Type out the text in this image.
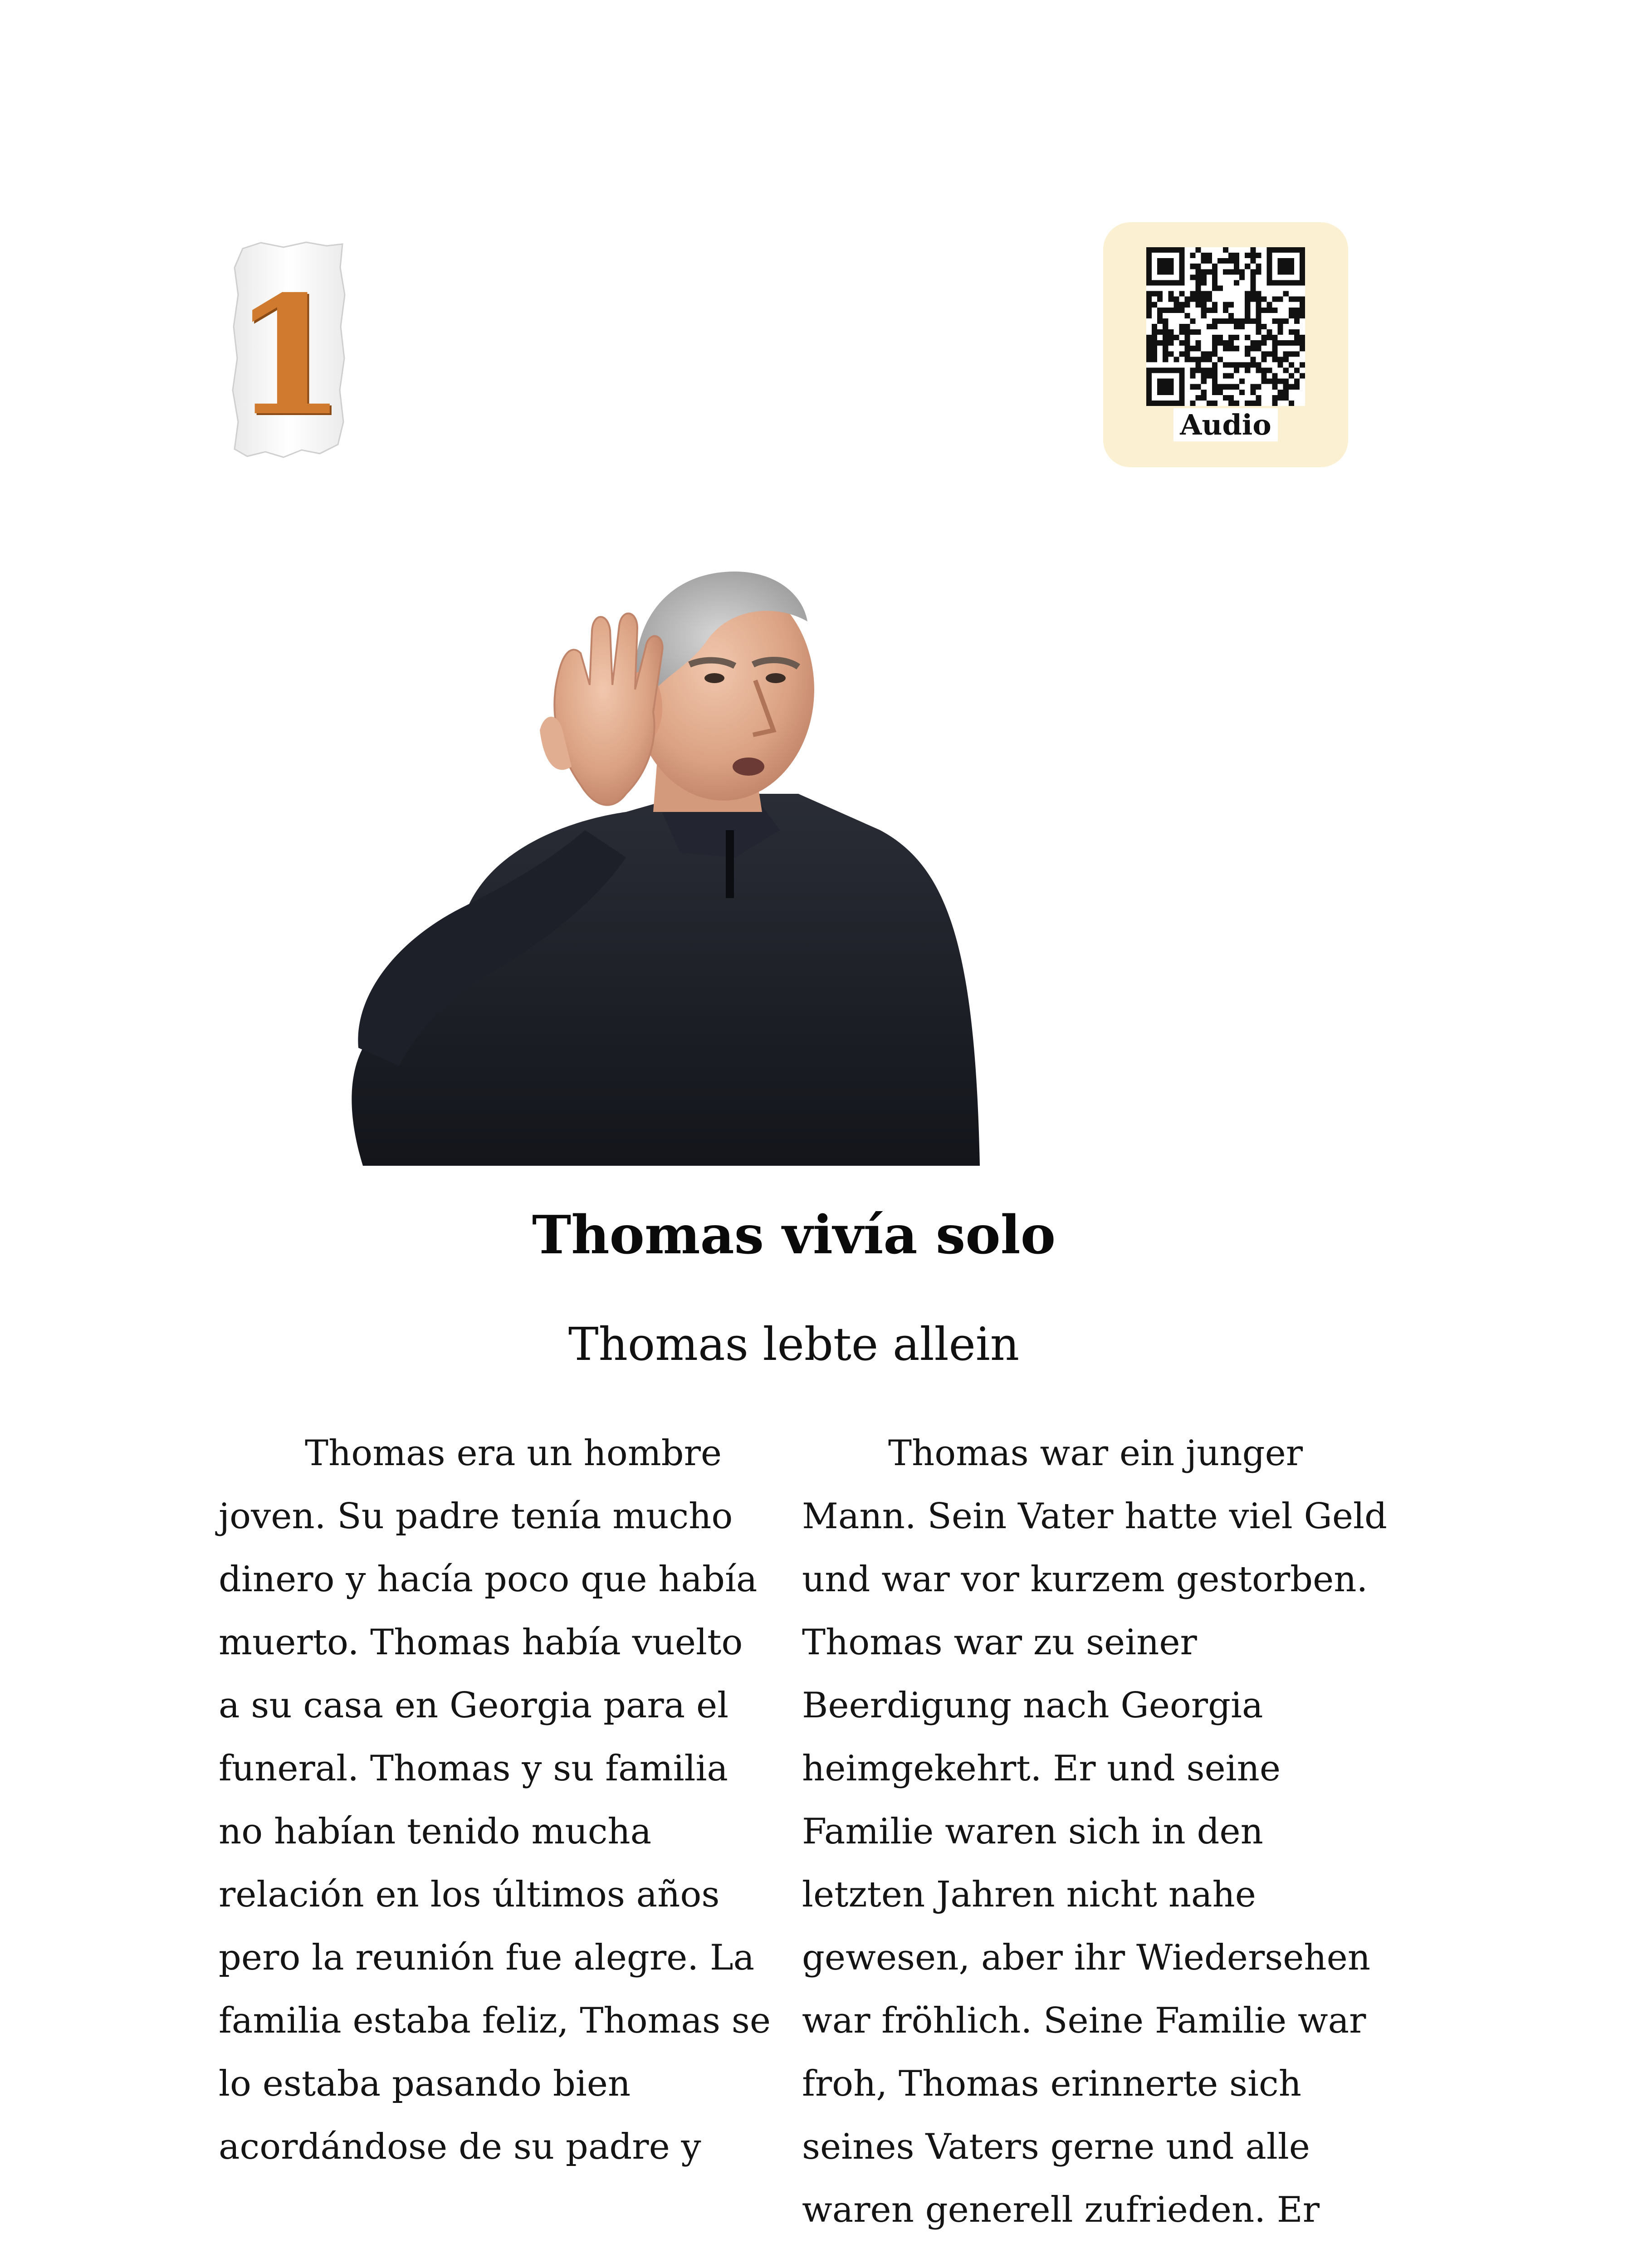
1	Audio
Thomas vivía solo
Thomas lebte allein
Thomas era un hombre
joven. Su padre tenía mucho
dinero y hacía poco que había
muerto. Thomas había vuelto
a su casa en Georgia para el
funeral. Thomas y su familia
no habían tenido mucha
relación en los últimos años
pero la reunión fue alegre. La
familia estaba feliz, Thomas se
lo estaba pasando bien
acordándose de su padre y
Thomas war ein junger
Mann. Sein Vater hatte viel Geld
und war vor kurzem gestorben.
Thomas war zu seiner
Beerdigung nach Georgia
heimgekehrt. Er und seine
Familie waren sich in den
letzten Jahren nicht nahe
gewesen, aber ihr Wiedersehen
war fröhlich. Seine Familie war
froh, Thomas erinnerte sich
seines Vaters gerne und alle
waren generell zufrieden. Er
